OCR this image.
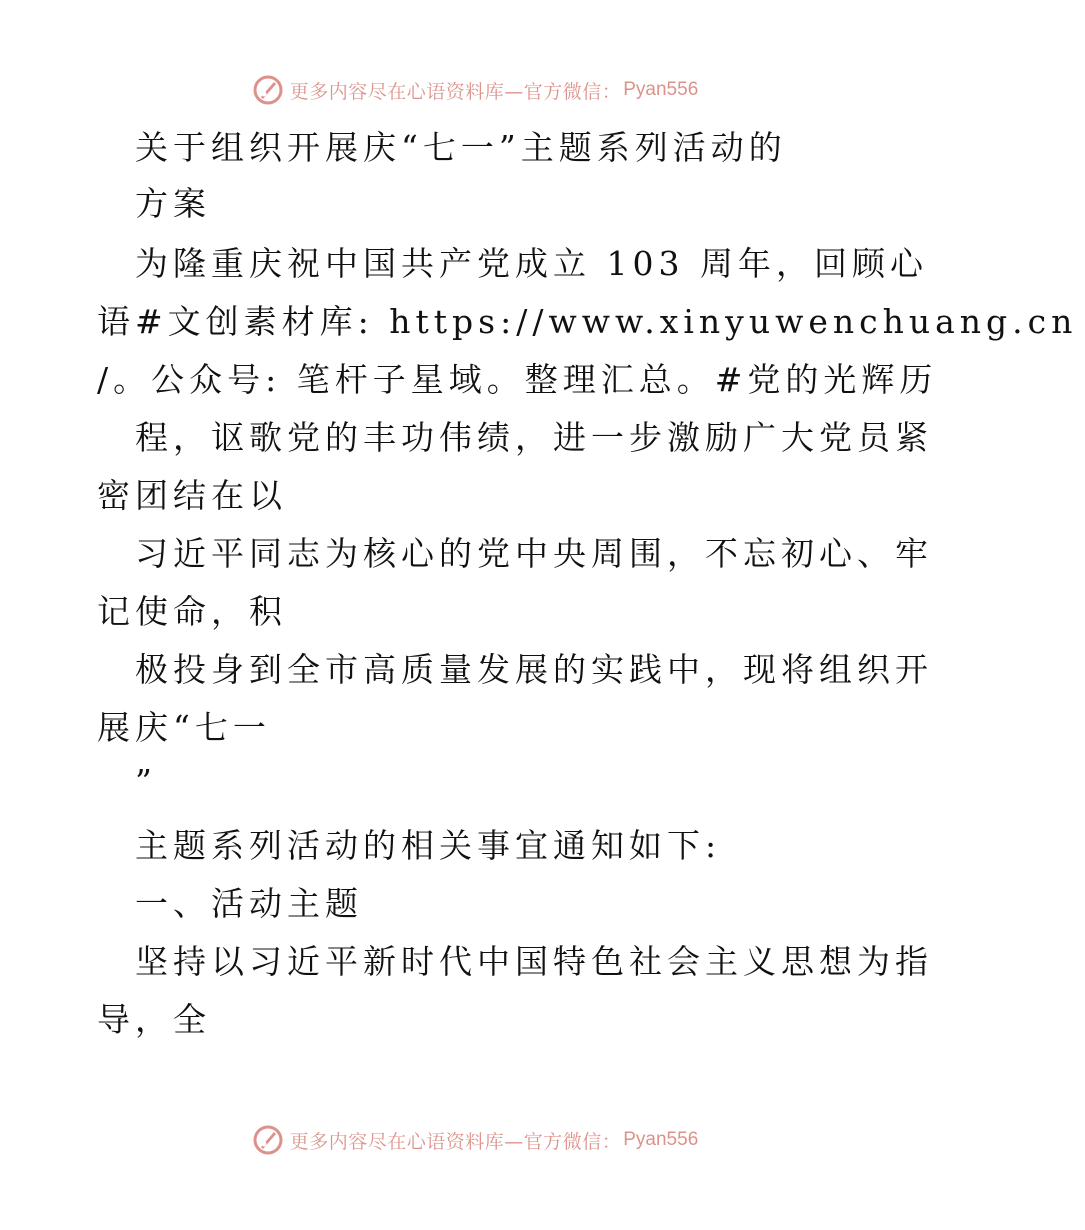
更多内容尽在心语资料库—官方微信： Pyan556
关于组织开展庆“七一”主题系列活动的
方案
为隆重庆祝中国共产党成立 103 周年，回顾心
语#文创素材库: https://www.xinyuwenchuang.cn
/。公众号: 笔杆子星域。整理汇总。#党的光辉历
程，讴歌党的丰功伟绩，进一步激励广大党员紧
密团结在以
习近平同志为核心的党中央周围，不忘初心、牢
记使命，积
极投身到全市高质量发展的实践中，现将组织开
展庆“七一
”
主题系列活动的相关事宜通知如下:
一、活动主题
坚持以习近平新时代中国特色社会主义思想为指
导，全
更多内容尽在心语资料库—官方微信： Pyan556
